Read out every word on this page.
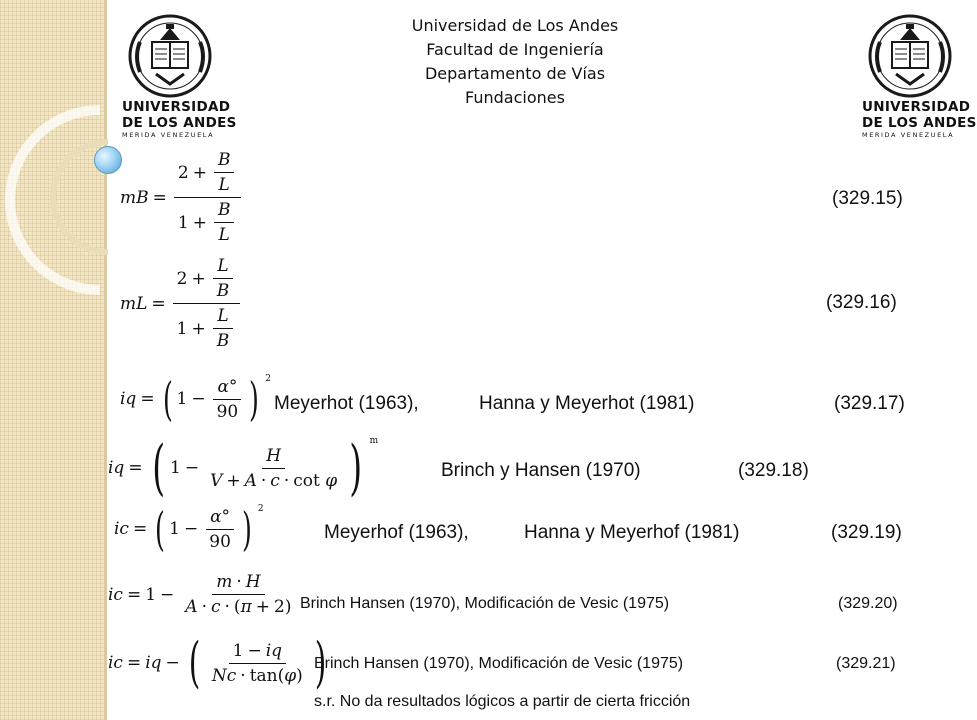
Universidad de Los Andes
Facultad de Ingeniería
Departamento de Vías
Fundaciones
UNIVERSIDAD
DE LOS ANDES
MERIDA VENEZUELA
UNIVERSIDAD
DE LOS ANDES
MERIDA VENEZUELA
mB = $\frac{2 + \frac{B}{L}}{1 + \frac{B}{L}}$	(329.15)
mL = $\frac{2 + \frac{L}{B}}{1 + \frac{L}{B}}$	(329.16)
iq = ( $1 - \frac{\alpha^\circ}{90}$ ) 2
Meyerhot (1963),	Hanna y Meyerhot (1981)	(329.17)
iq = ( $1 - \frac{H}{\text{V + A · c · cot φ}}$ ) m
Brinch y Hansen (1970)	(329.18)
ic = ( $1 - \frac{\alpha^\circ}{90}$ ) 2
Meyerhof (1963),	Hanna y Meyerhof (1981)	(329.19)
ic = $1 - \frac{m \cdot H}{A \cdot c \cdot ( \pi + 2)}$ Brinch Hansen (1970), Modificación de Vesic (1975)	(329.20)
ic = iq − ( $\frac{1 - iq}{Nc \cdot \tan( \varphi )}$ )
Brinch Hansen (1970), Modificación de Vesic (1975)	(329.21)
s.r. No da resultados lógicos a partir de cierta fricción
